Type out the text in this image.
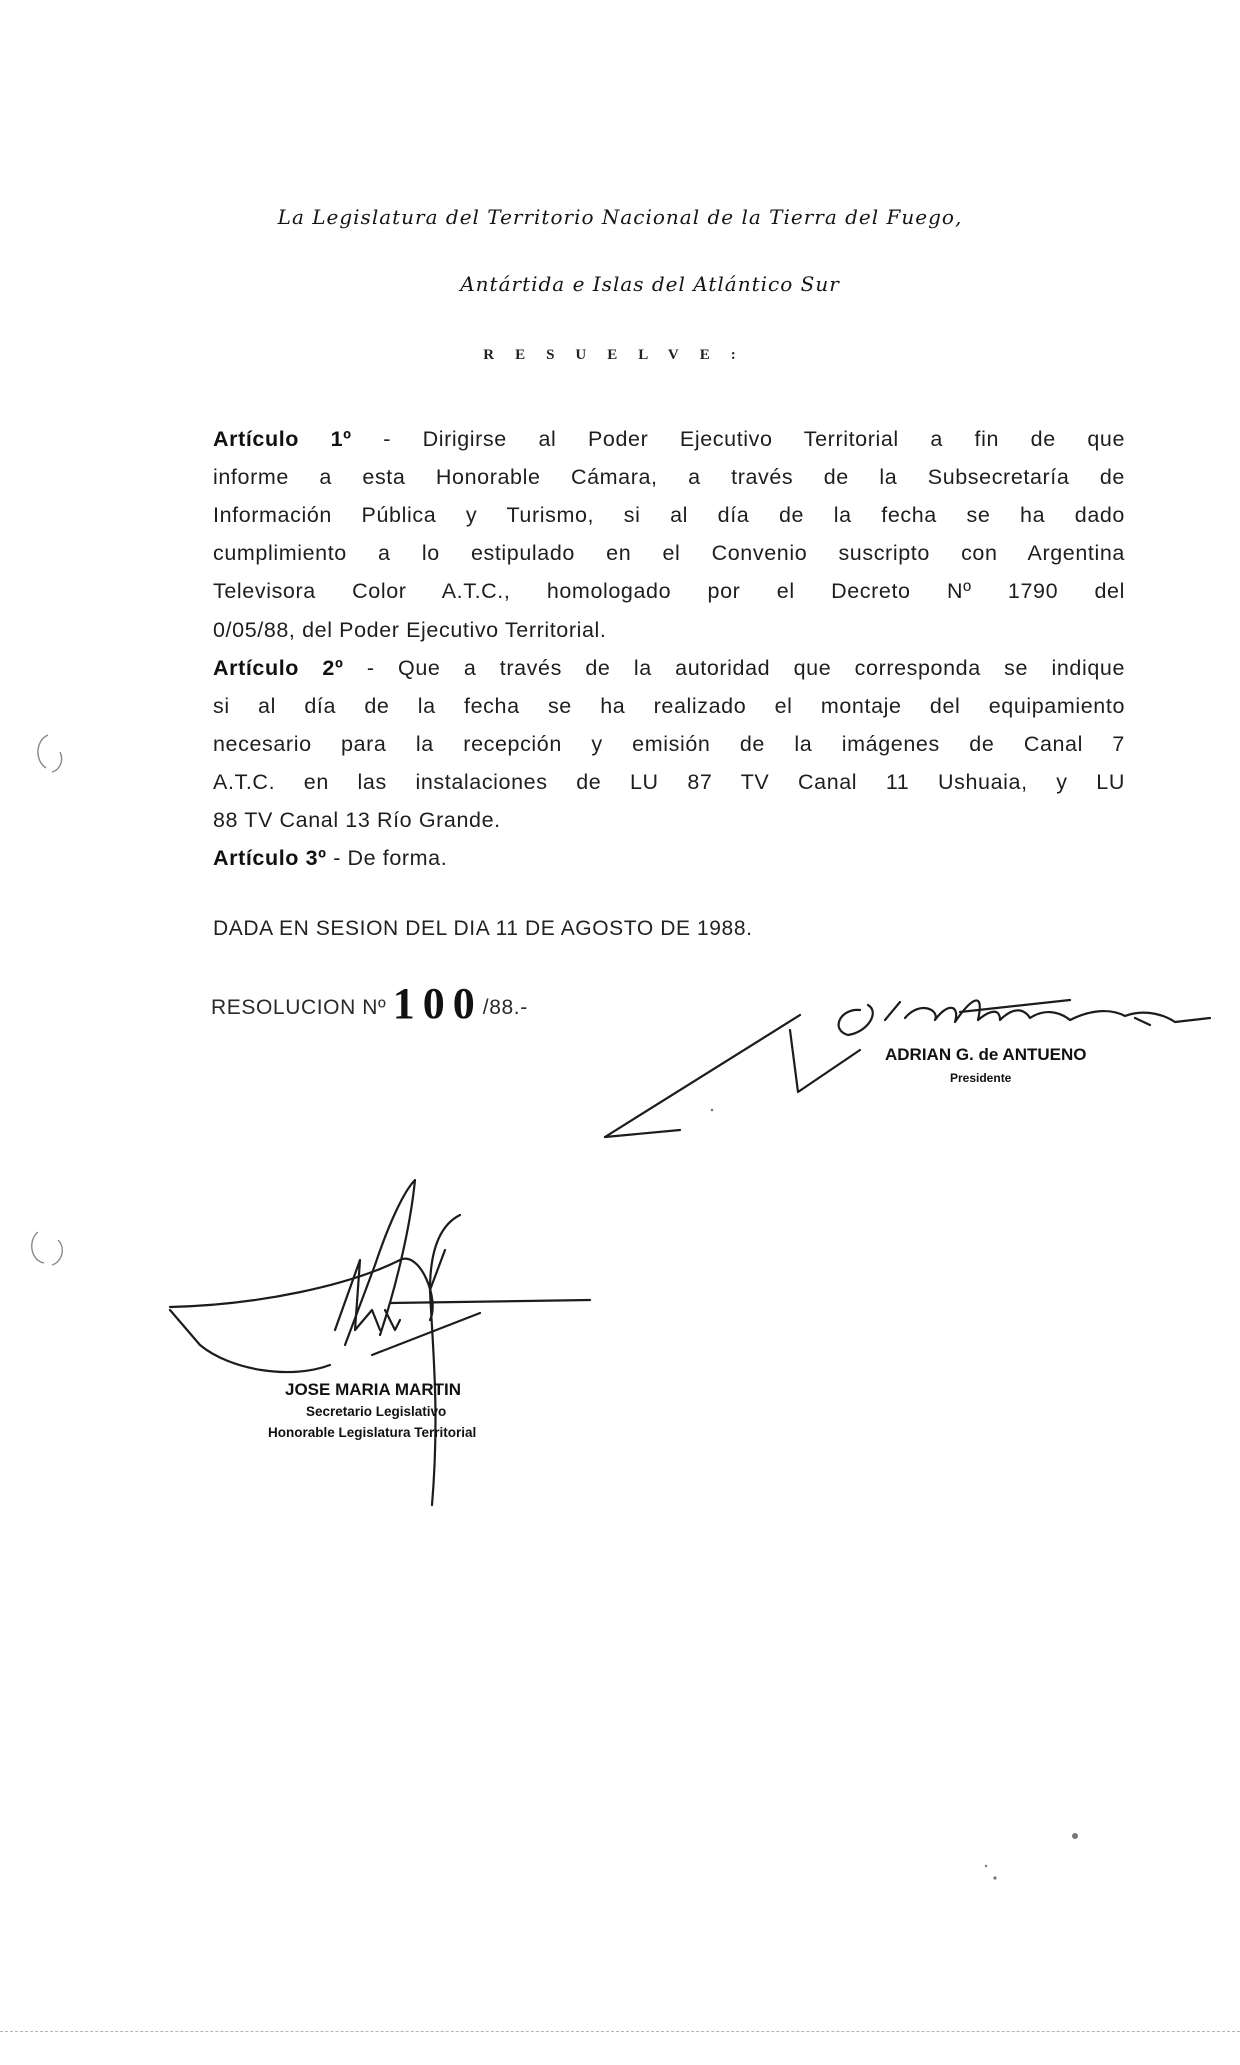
La Legislatura del Territorio Nacional de la Tierra del Fuego,
Antártida e Islas del Atlántico Sur
RESUELVE:
Artículo 1º - Dirigirse al Poder Ejecutivo Territorial a fin de que
informe a esta Honorable Cámara, a través de la Subsecretaría de
Información Pública y Turismo, si al día de la fecha se ha dado
cumplimiento a lo estipulado en el Convenio suscripto con Argentina
Televisora Color A.T.C., homologado por el Decreto Nº 1790 del
0/05/88, del Poder Ejecutivo Territorial.
Artículo 2º - Que a través de la autoridad que corresponda se indique
si al día de la fecha se ha realizado el montaje del equipamiento
necesario para la recepción y emisión de la imágenes de Canal 7
A.T.C. en las instalaciones de LU 87 TV Canal 11 Ushuaia, y LU
88 TV Canal 13 Río Grande.
Artículo 3º - De forma.
DADA EN SESION DEL DIA 11 DE AGOSTO DE 1988.
RESOLUCION Nº 100/88.-
ADRIAN G. de ANTUENO
Presidente
JOSE MARIA MARTIN
Secretario Legislativo
Honorable Legislatura Territorial
